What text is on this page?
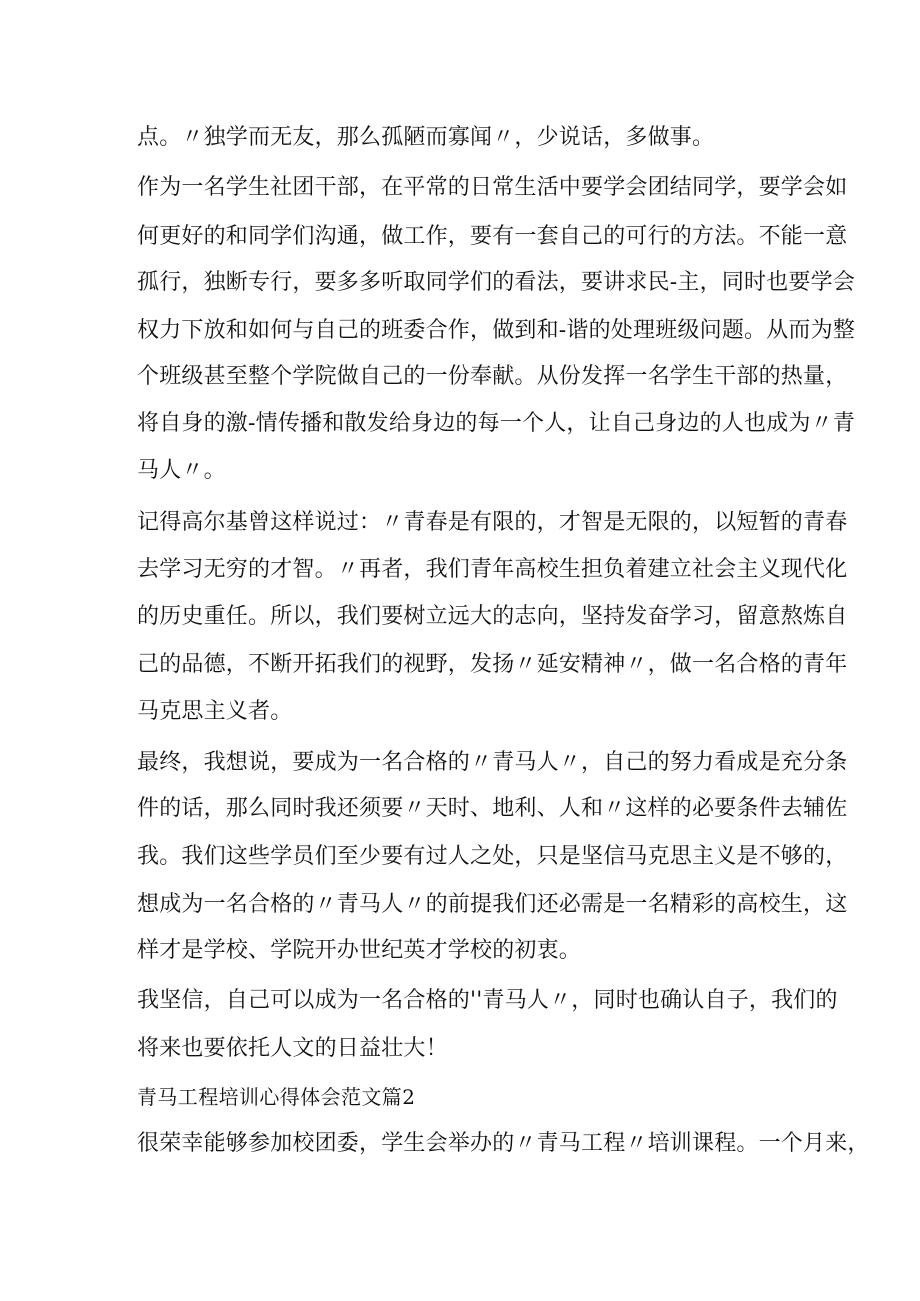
点。〃独学而无友，那么孤陋而寡闻〃，少说话，多做事。
作为一名学生社团干部，在平常的日常生活中要学会团结同学，要学会如
何更好的和同学们沟通，做工作，要有一套自己的可行的方法。不能一意
孤行，独断专行，要多多听取同学们的看法，要讲求民-主，同时也要学会
权力下放和如何与自己的班委合作，做到和-谐的处理班级问题。从而为整
个班级甚至整个学院做自己的一份奉献。从份发挥一名学生干部的热量，
将自身的激-情传播和散发给身边的每一个人，让自己身边的人也成为〃青
马人〃。
记得高尔基曾这样说过：〃青春是有限的，才智是无限的，以短暂的青春
去学习无穷的才智。〃再者，我们青年高校生担负着建立社会主义现代化
的历史重任。所以，我们要树立远大的志向，坚持发奋学习，留意熬炼自
己的品德，不断开拓我们的视野，发扬〃延安精神〃，做一名合格的青年
马克思主义者。
最终，我想说，要成为一名合格的〃青马人〃，自己的努力看成是充分条
件的话，那么同时我还须要〃天时、地利、人和〃这样的必要条件去辅佐
我。我们这些学员们至少要有过人之处，只是坚信马克思主义是不够的，
想成为一名合格的〃青马人〃的前提我们还必需是一名精彩的高校生，这
样才是学校、学院开办世纪英才学校的初衷。
我坚信，自己可以成为一名合格的''青马人〃，同时也确认自子，我们的
将来也要依托人文的日益壮大！
青马工程培训心得体会范文篇2
很荣幸能够参加校团委，学生会举办的〃青马工程〃培训课程。一个月来，
